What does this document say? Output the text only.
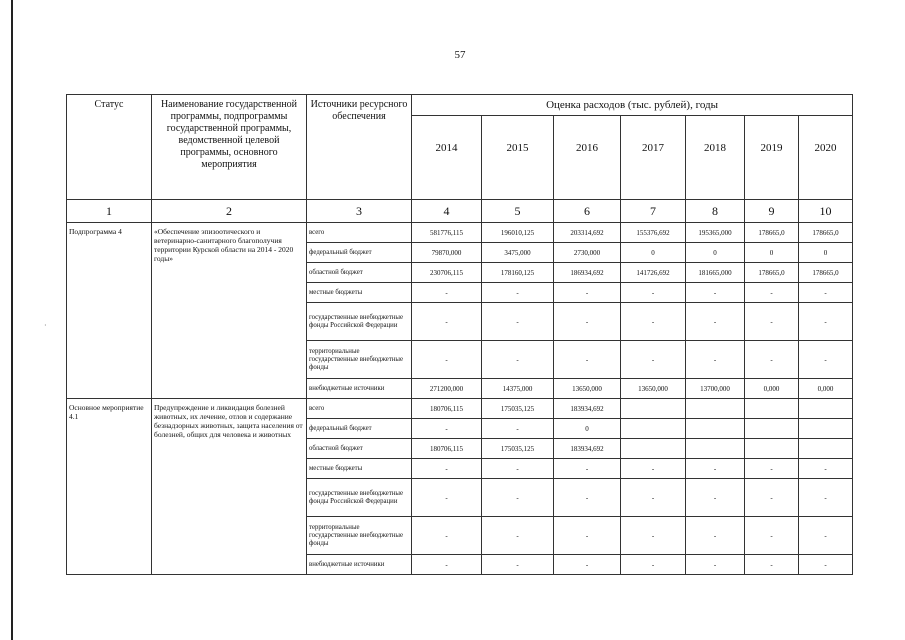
57
Статус	Наименование государственной программы, подпрограммы государственной программы, ведомственной целевой программы, основного мероприятия	Источники ресурсного обеспечения	Оценка расходов (тыс. рублей), годы						
			2014	2015	2016	2017	2018	2019	2020
1	2	3	4	5	6	7	8	9	10
Подпрограмма 4	«Обеспечение эпизоотического и ветеринарно-санитарного благополучия территории Курской области на 2014 - 2020 годы»	всего	581776,115	196010,125	203314,692	155376,692	195365,000	178665,0	178665,0
		федеральный бюджет	79870,000	3475,000	2730,000	0	0	0	0
		областной бюджет	230706,115	178160,125	186934,692	141726,692	181665,000	178665,0	178665,0
		местные бюджеты	-	-	-	-	-	-	-
		государственные внебюджетные фонды Российской Федерации	-	-	-	-	-	-	-
		территориальные государственные внебюджетные фонды	-	-	-	-	-	-	-
		внебюджетные источники	271200,000	14375,000	13650,000	13650,000	13700,000	0,000	0,000
Основное мероприятие 4.1	Предупреждение и ликвидация болезней животных, их лечение, отлов и содержание безнадзорных животных, защита населения от болезней, общих для человека и животных	всего	180706,115	175035,125	183934,692				
		федеральный бюджет	-	-	0				
		областной бюджет	180706,115	175035,125	183934,692				
		местные бюджеты	-	-	-	-	-	-	-
		государственные внебюджетные фонды Российской Федерации	-	-	-	-	-	-	-
		территориальные государственные внебюджетные фонды	-	-	-	-	-	-	-
		внебюджетные источники	-	-	-	-	-	-	-
·
